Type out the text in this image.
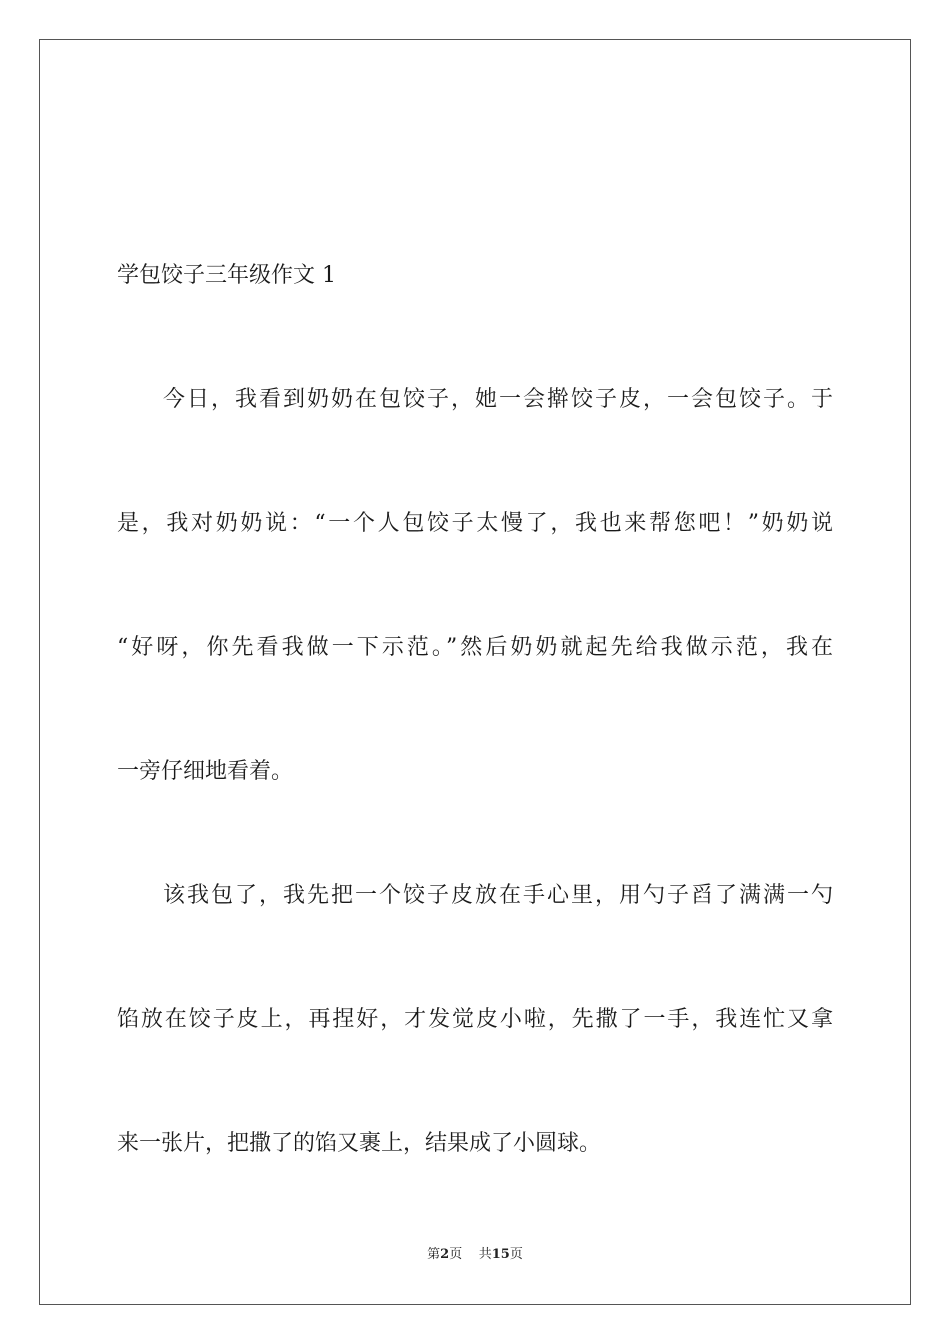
学包饺子三年级作文 1

今日，我看到奶奶在包饺子，她一会擀饺子皮，一会包饺子。于

是，我对奶奶说：“一个人包饺子太慢了，我也来帮您吧！”奶奶说

“好呀，你先看我做一下示范。”然后奶奶就起先给我做示范，我在

一旁仔细地看着。

该我包了，我先把一个饺子皮放在手心里，用勺子舀了满满一勺

馅放在饺子皮上，再捏好，才发觉皮小啦，先撒了一手，我连忙又拿

来一张片，把撒了的馅又裹上，结果成了小圆球。

第2页 共15页
